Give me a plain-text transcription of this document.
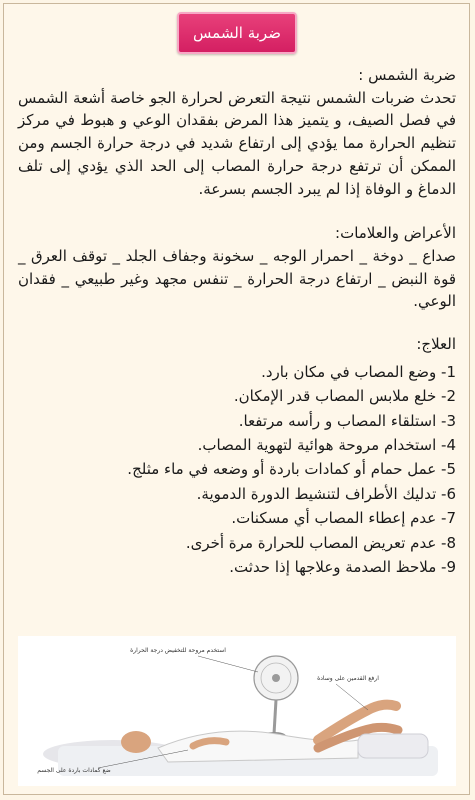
ضربة الشمس

ضربة الشمس :

تحدث ضربات الشمس نتيجة التعرض لحرارة الجو خاصة أشعة الشمس في فصل الصيف، و يتميز هذا المرض بفقدان الوعي و هبوط في مركز تنظيم الحرارة مما يؤدي إلى ارتفاع شديد في درجة حرارة الجسم ومن الممكن أن ترتفع درجة حرارة المصاب إلى الحد الذي يؤدي إلى تلف الدماغ و الوفاة إذا لم يبرد الجسم بسرعة.

الأعراض والعلامات:

صداع _ دوخة _ احمرار الوجه _ سخونة وجفاف الجلد _ توقف العرق _ قوة النبض _ ارتفاع درجة الحرارة _ تنفس مجهد وغير طبيعي _ فقدان الوعي.

العلاج:

1- وضع المصاب في مكان بارد.
2- خلع ملابس المصاب قدر الإمكان.
3- استلقاء المصاب و رأسه مرتفعا.
4- استخدام مروحة هوائية لتهوية المصاب.
5- عمل حمام أو كمادات باردة أو وضعه في ماء مثلج.
6- تدليك الأطراف لتنشيط الدورة الدموية.
7- عدم إعطاء المصاب أي مسكنات.
8- عدم تعريض المصاب للحرارة مرة أخرى.
9- ملاحظ الصدمة وعلاجها إذا حدثت.
استخدم مروحة للتخفيض درجة الحرارة
ارفع القدمين على وسادة
ضع كمادات باردة على الجسم
